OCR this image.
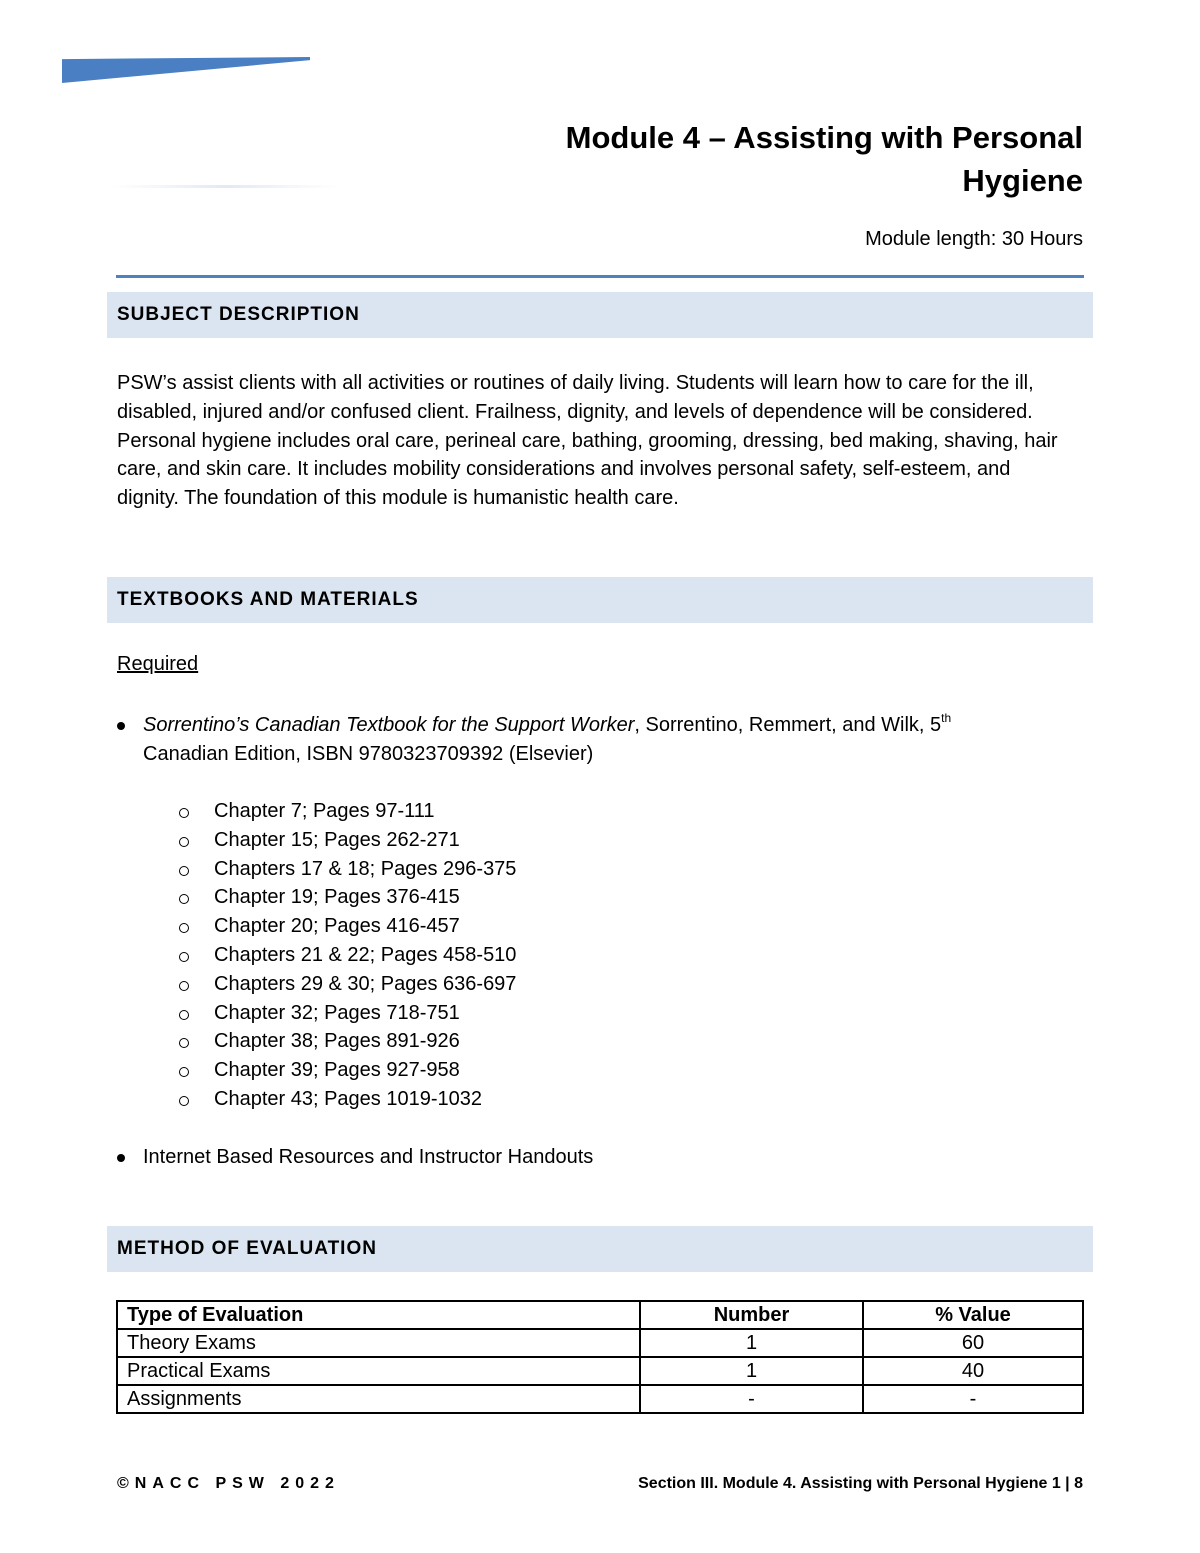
Module 4 – Assisting with Personal
Hygiene
Module length: 30 Hours
SUBJECT DESCRIPTION

PSW’s assist clients with all activities or routines of daily living. Students will learn how to care for the ill, disabled, injured and/or confused client. Frailness, dignity, and levels of dependence will be considered. Personal hygiene includes oral care, perineal care, bathing, grooming, dressing, bed making, shaving, hair care, and skin care. It includes mobility considerations and involves personal safety, self-esteem, and dignity. The foundation of this module is humanistic health care.

TEXTBOOKS AND MATERIALS
Required
Sorrentino’s Canadian Textbook for the Support Worker, Sorrentino, Remmert, and Wilk, 5th
Canadian Edition, ISBN 9780323709392 (Elsevier)
Chapter 7; Pages 97-111
Chapter 15; Pages 262-271
Chapters 17 & 18; Pages 296-375
Chapter 19; Pages 376-415
Chapter 20; Pages 416-457
Chapters 21 & 22; Pages 458-510
Chapters 29 & 30; Pages 636-697
Chapter 32; Pages 718-751
Chapter 38; Pages 891-926
Chapter 39; Pages 927-958
Chapter 43; Pages 1019-1032
Internet Based Resources and Instructor Handouts
METHOD OF EVALUATION
Type of Evaluation	Number	% Value
Theory Exams	1	60
Practical Exams	1	40
Assignments	-	-
©NACC PSW 2022	Section III. Module 4. Assisting with Personal Hygiene 1 | 8
